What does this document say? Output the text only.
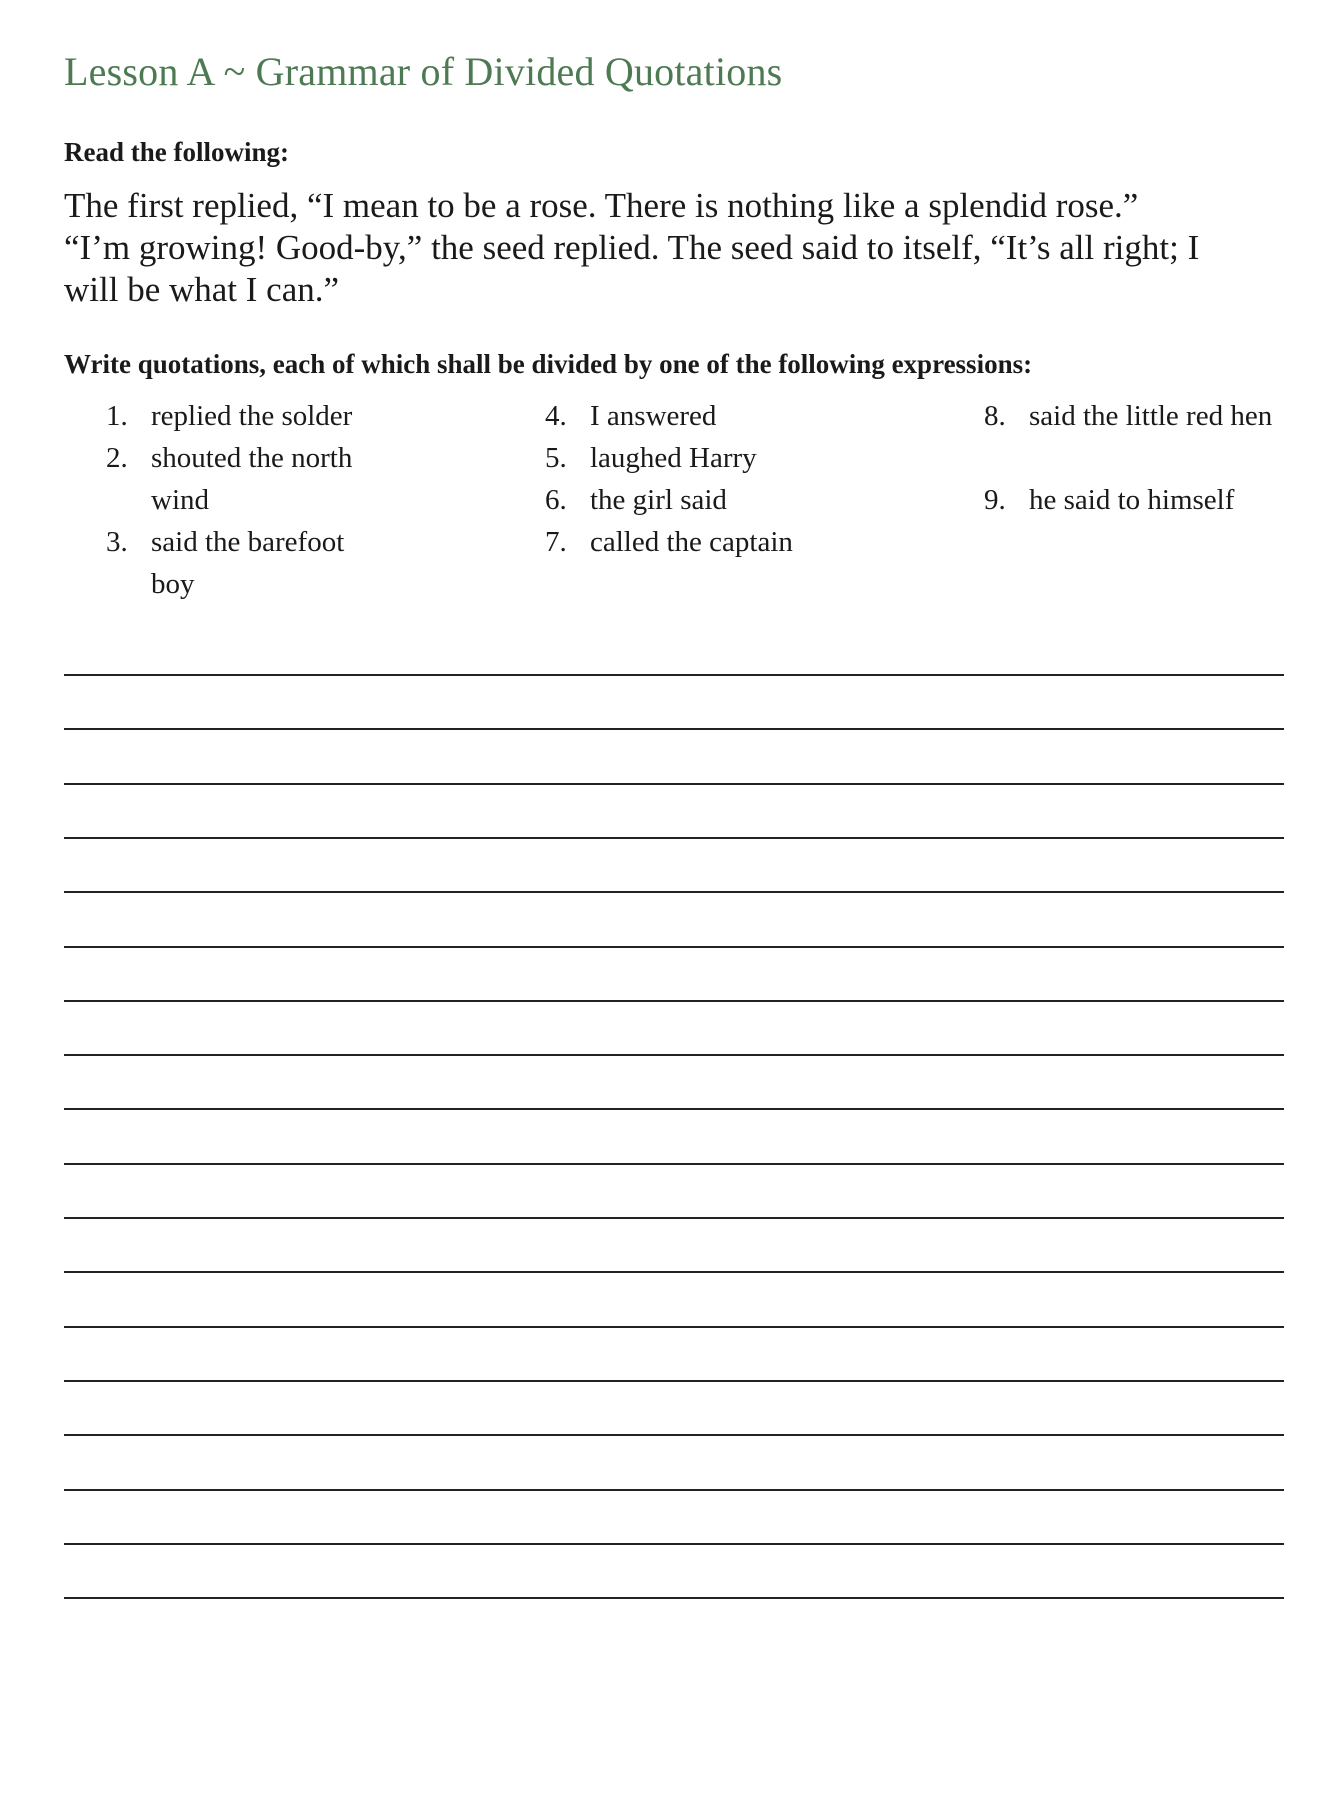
Lesson A ~ Grammar of Divided Quotations
Read the following:

The first replied, “I mean to be a rose. There is nothing like a splendid rose.”
“I’m growing! Good-by,” the seed replied. The seed said to itself, “It’s all right; I
will be what I can.”

Write quotations, each of which shall be divided by one of the following expressions:
1. replied the solder
2. shouted the north wind
3. said the barefoot boy
4. I answered
5. laughed Harry
6. the girl said
7. called the captain
8. said the little red hen
9. he said to himself
